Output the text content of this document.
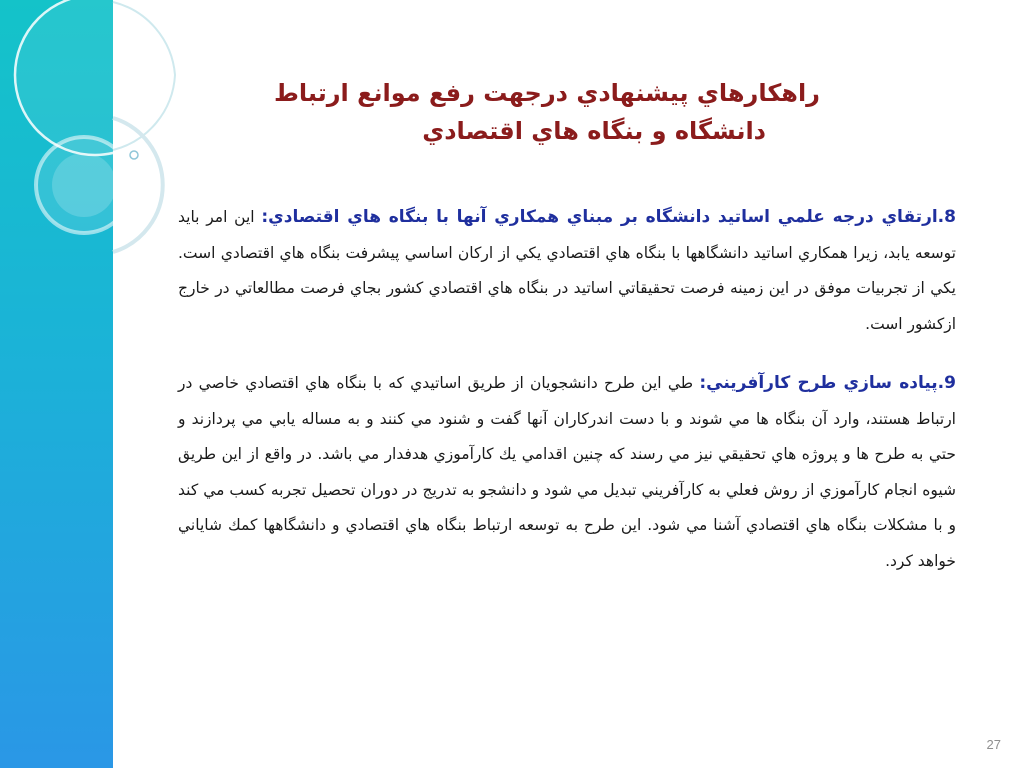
راهکارهاي پيشنهادي درجهت رفع موانع ارتباط
دانشگاه و بنگاه هاي اقتصادي

8.ارتقاي درجه علمي اساتيد دانشگاه بر مبناي همكاري آنها با بنگاه هاي اقتصادي: اين امر بايد توسعه يابد، زيرا همكاري اساتيد دانشگاهها با بنگاه هاي اقتصادي يكي از اركان اساسي پيشرفت بنگاه هاي اقتصادي است. يكي از تجربيات موفق در اين زمينه فرصت تحقيقاتي اساتيد در بنگاه هاي اقتصادي كشور بجاي فرصت مطالعاتي در خارج ازكشور است.

9.پياده سازي طرح كارآفريني: طي اين طرح دانشجويان از طريق اساتيدي كه با بنگاه هاي اقتصادي خاصي در ارتباط هستند، وارد آن بنگاه ها مي شوند و با دست اندركاران آنها گفت و شنود مي كنند و به مساله يابي مي پردازند و حتي به طرح ها و پروژه هاي تحقيقي نيز مي رسند كه چنين اقدامي يك كارآموزي هدفدار مي باشد. در واقع از اين طريق شيوه انجام كارآموزي از روش فعلي به كارآفريني تبديل مي شود و دانشجو به تدريج در دوران تحصيل تجربه كسب مي كند و با مشكلات بنگاه هاي اقتصادي آشنا مي شود. اين طرح به توسعه ارتباط بنگاه هاي اقتصادي و دانشگاهها كمك شاياني خواهد كرد.

27
